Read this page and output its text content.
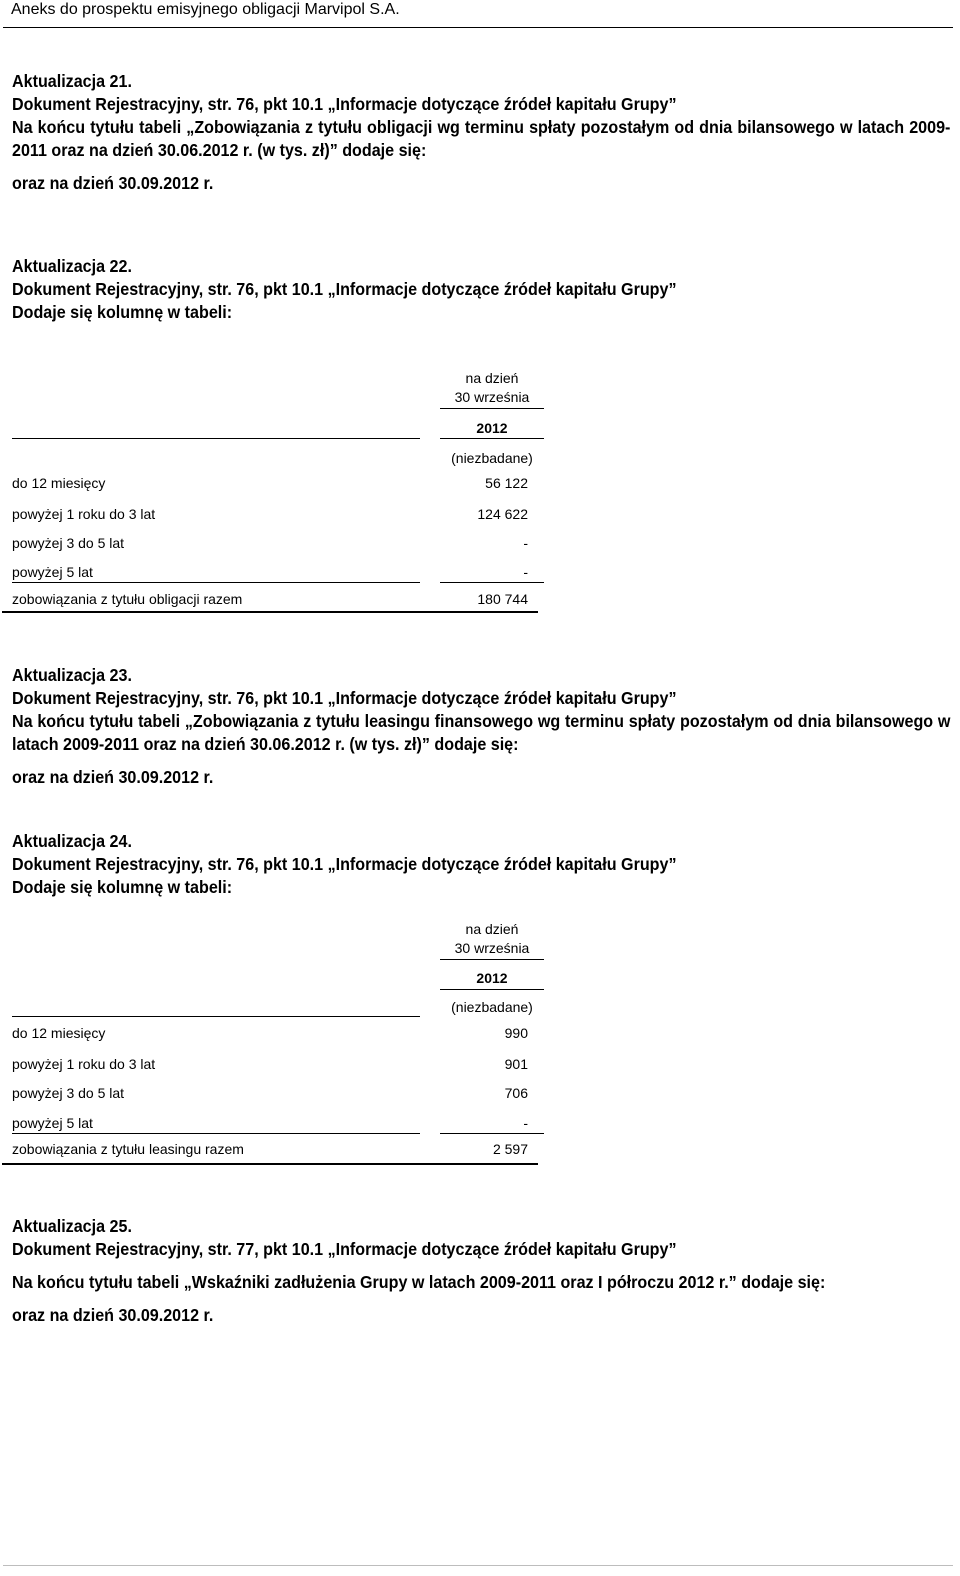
Aneks do prospektu emisyjnego obligacji Marvipol S.A.
Aktualizacja 21.
Dokument Rejestracyjny, str. 76, pkt 10.1 „Informacje dotyczące źródeł kapitału Grupy”
Na końcu tytułu tabeli „Zobowiązania z tytułu obligacji wg terminu spłaty pozostałym od dnia bilansowego w latach 2009-2011 oraz na dzień 30.06.2012 r. (w tys. zł)” dodaje się:
oraz na dzień 30.09.2012 r.
Aktualizacja 22.
Dokument Rejestracyjny, str. 76, pkt 10.1 „Informacje dotyczące źródeł kapitału Grupy”
Dodaje się kolumnę w tabeli:
na dzień
30 września
2012
(niezbadane)
do 12 miesięcy	56 122
powyżej 1 roku do 3 lat	124 622
powyżej 3 do 5 lat	-
powyżej 5 lat	-
zobowiązania z tytułu obligacji razem	180 744
Aktualizacja 23.
Dokument Rejestracyjny, str. 76, pkt 10.1 „Informacje dotyczące źródeł kapitału Grupy”
Na końcu tytułu tabeli „Zobowiązania z tytułu leasingu finansowego wg terminu spłaty pozostałym od dnia bilansowego w latach 2009-2011 oraz na dzień 30.06.2012 r. (w tys. zł)” dodaje się:
oraz na dzień 30.09.2012 r.
Aktualizacja 24.
Dokument Rejestracyjny, str. 76, pkt 10.1 „Informacje dotyczące źródeł kapitału Grupy”
Dodaje się kolumnę w tabeli:
na dzień
30 września
2012
(niezbadane)
do 12 miesięcy	990
powyżej 1 roku do 3 lat	901
powyżej 3 do 5 lat	706
powyżej 5 lat	-
zobowiązania z tytułu leasingu razem	2 597
Aktualizacja 25.
Dokument Rejestracyjny, str. 77, pkt 10.1 „Informacje dotyczące źródeł kapitału Grupy”
Na końcu tytułu tabeli „Wskaźniki zadłużenia Grupy w latach 2009-2011 oraz I półroczu 2012 r.” dodaje się:
oraz na dzień 30.09.2012 r.
